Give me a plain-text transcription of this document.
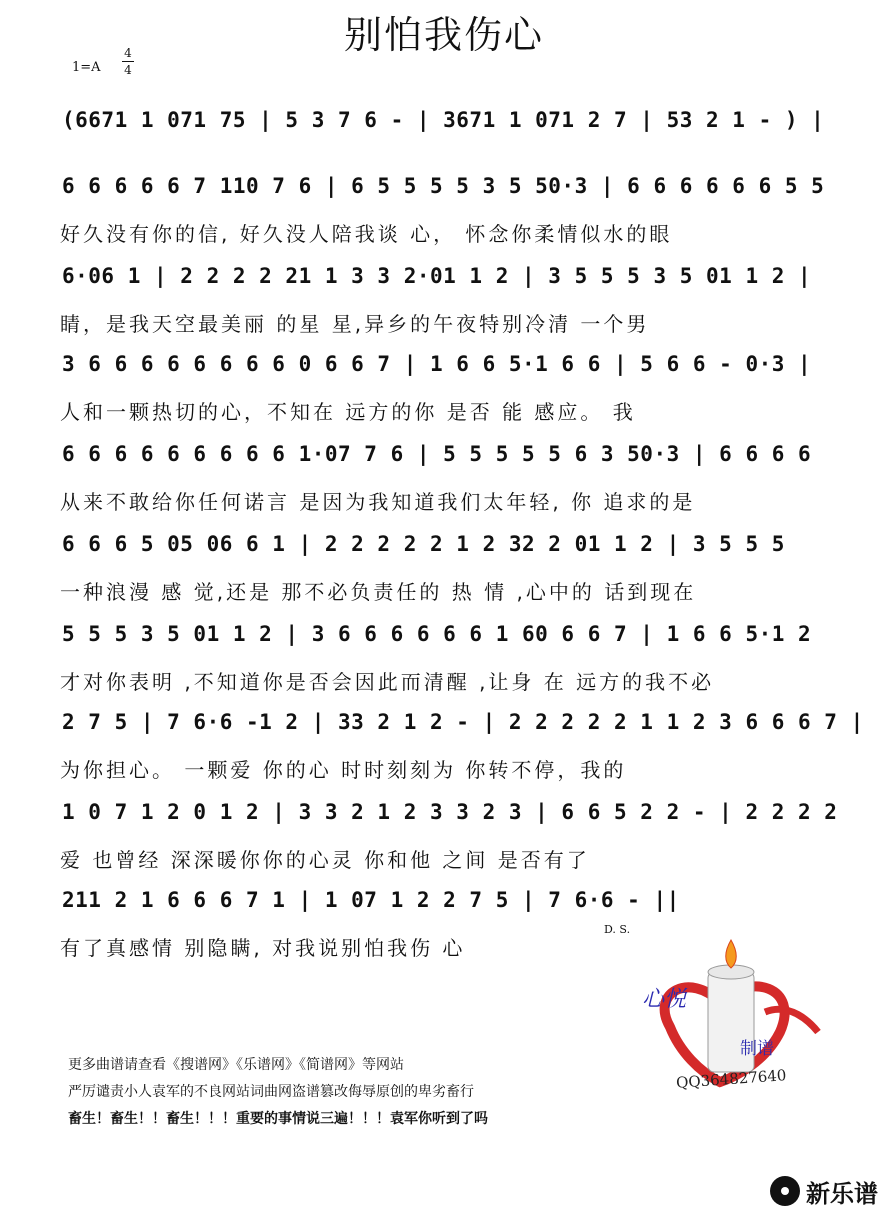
别怕我伤心
1=A
4
4
(6671 1 071 75 | 5 3 7 6 - | 3671 1 071 2 7 | 53 2 1 - ) |
6 6 6 6 6 7 110 7 6 | 6 5 5 5 5 3 5 50·3 | 6 6 6 6 6 6 5 5
好久没有你的信, 好久没人陪我谈 心， 怀念你柔情似水的眼
6·06 1 | 2 2 2 2 21 1 3 3 2·01 1 2 | 3 5 5 5 3 5 01 1 2 |
睛，是我天空最美丽 的星 星,异乡的午夜特别冷清 一个男
3 6 6 6 6 6 6 6 6 0 6 6 7 | 1 6 6 5·1 6 6 | 5 6 6 - 0·3 |
人和一颗热切的心，不知在 远方的你 是否 能 感应。 我
6 6 6 6 6 6 6 6 6 1·07 7 6 | 5 5 5 5 5 6 3 50·3 | 6 6 6 6
从来不敢给你任何诺言 是因为我知道我们太年轻, 你 追求的是
6 6 6 5 05 06 6 1 | 2 2 2 2 2 1 2 32 2 01 1 2 | 3 5 5 5
一种浪漫 感 觉,还是 那不必负责任的 热 情 ,心中的 话到现在
5 5 5 3 5 01 1 2 | 3 6 6 6 6 6 6 1 60 6 6 7 | 1 6 6 5·1 2
才对你表明 ,不知道你是否会因此而清醒 ,让身 在 远方的我不必
2 7 5 | 7 6·6 -1 2 | 33 2 1 2 - | 2 2 2 2 2 1 1 2 3 6 6 6 7 |
为你担心。 一颗爱 你的心 时时刻刻为 你转不停，我的
1 0 7 1 2 0 1 2 | 3 3 2 1 2 3 3 2 3 | 6 6 5 2 2 - | 2 2 2 2
爱 也曾经 深深暖你你的心灵 你和他 之间 是否有了
211 2 1 6 6 6 7 1 | 1 07 1 2 2 7 5 | 7 6·6 - ||
有了真感情 别隐瞒, 对我说别怕我伤 心
D. S.
心悦
制谱
QQ364827640
更多曲谱请查看《搜谱网》《乐谱网》《简谱网》等网站
严厉谴责小人袁军的不良网站词曲网盗谱篡改侮辱原创的卑劣畜行
畜生！畜生！！畜生！！！重要的事情说三遍！！！袁军你听到了吗
新乐谱
